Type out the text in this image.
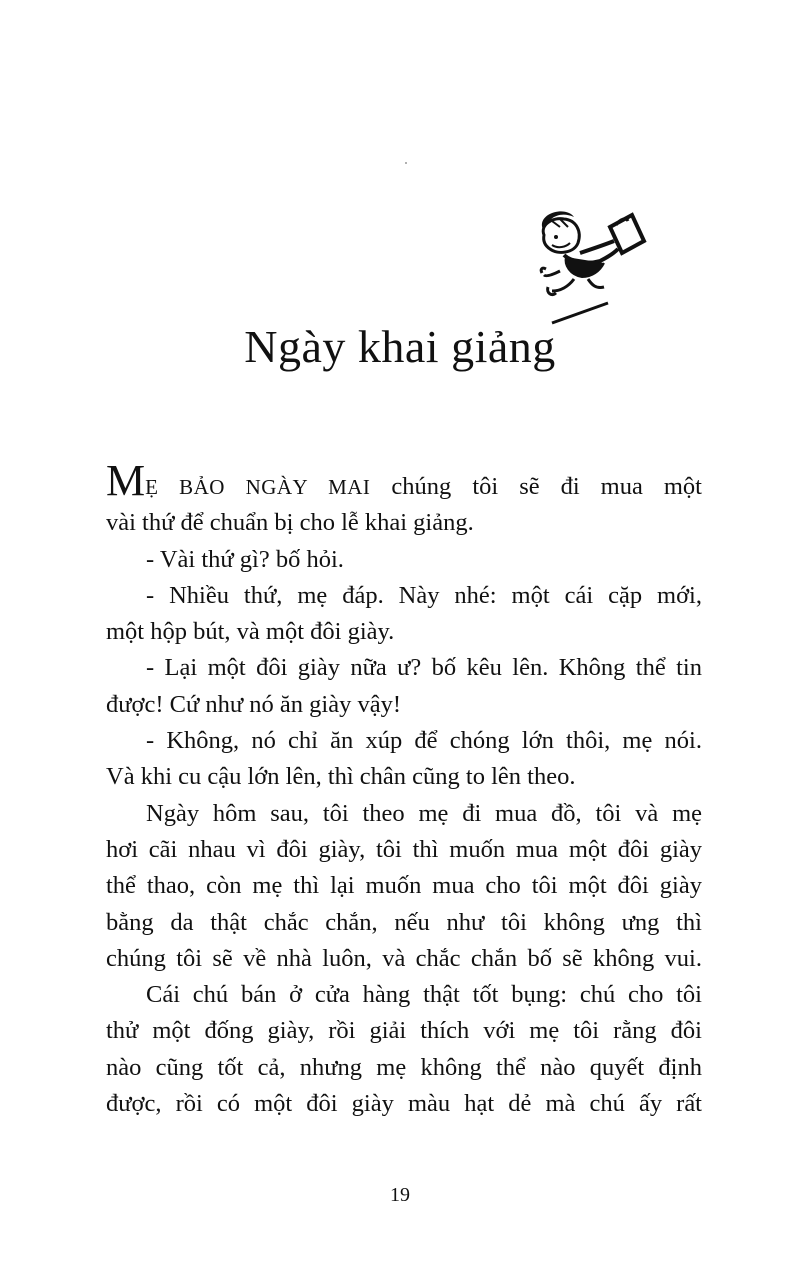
Ngày khai giảng
MẸ BẢO NGÀY MAI chúng tôi sẽ đi mua một
vài thứ để chuẩn bị cho lễ khai giảng.
- Vài thứ gì? bố hỏi.
- Nhiều thứ, mẹ đáp. Này nhé: một cái cặp mới,
một hộp bút, và một đôi giày.
- Lại một đôi giày nữa ư? bố kêu lên. Không thể tin
được! Cứ như nó ăn giày vậy!
- Không, nó chỉ ăn xúp để chóng lớn thôi, mẹ nói.
Và khi cu cậu lớn lên, thì chân cũng to lên theo.
Ngày hôm sau, tôi theo mẹ đi mua đồ, tôi và mẹ
hơi cãi nhau vì đôi giày, tôi thì muốn mua một đôi giày
thể thao, còn mẹ thì lại muốn mua cho tôi một đôi giày
bằng da thật chắc chắn, nếu như tôi không ưng thì
chúng tôi sẽ về nhà luôn, và chắc chắn bố sẽ không vui.
Cái chú bán ở cửa hàng thật tốt bụng: chú cho tôi
thử một đống giày, rồi giải thích với mẹ tôi rằng đôi
nào cũng tốt cả, nhưng mẹ không thể nào quyết định
được, rồi có một đôi giày màu hạt dẻ mà chú ấy rất
19
